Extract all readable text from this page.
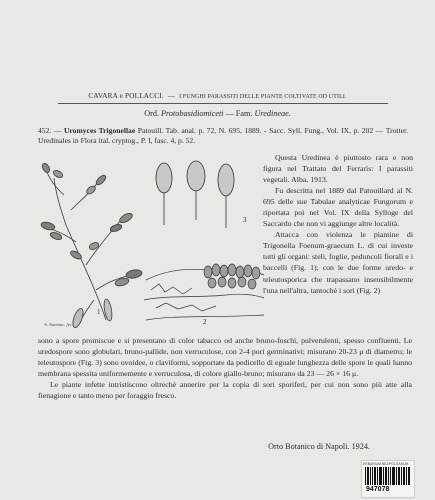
CAVARA e POLLACCI.  —  I FUNGHI PARASSITI DELLE PIANTE COLTIVATE OD UTILI.
Ord. Protobasidiomiceti — Fam. Uredineae.
452. — Uromyces Trigonellae Patouill. Tab. anal. p. 72, N. 695, 1889. - Sacc. Syll. Fung., Vol. IX, p. 202 — Trotter. Uredinales in Flora ital. cryptog., P. I, fasc. 4, p. 52.
1
2
3
A. Nanninc. fec.

Questa Uredinea è piuttosto rara e non figura nel Trattato del Ferraris: I parassiti vegetali. Alba, 1913.

Fu descritta nel 1889 dal Patouillard al N. 695 delle sue Tabulae analyticae Fungorum e riportata poi nel Vol. IX della Sylloge del Saccardo che non vi aggiunge altre località.

Attacca con violenza le piantine di Trigonella Foenum-graecum L. di cui investe tutti gli organi: steli, foglie, peduncoli fiorali e i baccelli (Fig. 1); con le due forme uredo- e teleutosporica che trapassano insensibilmente l'una nell'altra, tantochè i sori (Fig. 2)

sono a spore promiscue e si presentano di color tabacco od anche bruno-foschi, pulverulenti, spesso confluenti. Le uredospore sono globulari, bruno-pallide, non verruculose, con 2-4 pori germinativi; misurano 20-23 μ di diametro; le teleutospore (Fig. 3) sono ovoidee, o claviformi, sopportate da pedicello di eguale lunghezza delle spore le quali hanno membrana spessita uniformemente e verruculosa, di colore giallo-bruno; misurano da 23 — 26 × 16 μ.

Le piante infette intristiscono oltrechè annerire per la copia di sori sporiferi, per cui non sono più atte alla fienagione e tanto meno per foraggio fresco.

Orto Botanico di Napoli. 1924.
ERBARIUM NEAPOLITANUM
947078
